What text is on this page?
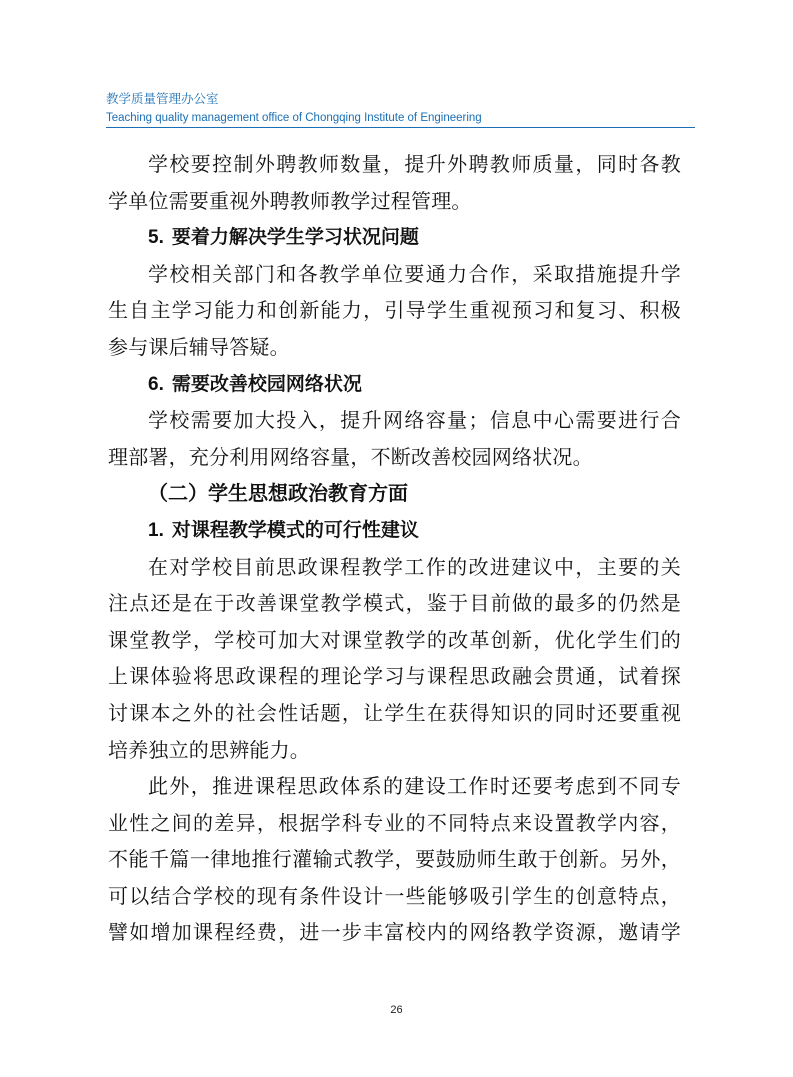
教学质量管理办公室
Teaching quality management office of Chongqing Institute of Engineering
学校要控制外聘教师数量，提升外聘教师质量，同时各教
学单位需要重视外聘教师教学过程管理。
5. 要着力解决学生学习状况问题
学校相关部门和各教学单位要通力合作，采取措施提升学
生自主学习能力和创新能力，引导学生重视预习和复习、积极
参与课后辅导答疑。
6. 需要改善校园网络状况
学校需要加大投入，提升网络容量；信息中心需要进行合
理部署，充分利用网络容量，不断改善校园网络状况。
（二）学生思想政治教育方面
1. 对课程教学模式的可行性建议
在对学校目前思政课程教学工作的改进建议中，主要的关
注点还是在于改善课堂教学模式，鉴于目前做的最多的仍然是
课堂教学，学校可加大对课堂教学的改革创新，优化学生们的
上课体验将思政课程的理论学习与课程思政融会贯通，试着探
讨课本之外的社会性话题，让学生在获得知识的同时还要重视
培养独立的思辨能力。
此外，推进课程思政体系的建设工作时还要考虑到不同专
业性之间的差异，根据学科专业的不同特点来设置教学内容，
不能千篇一律地推行灌输式教学，要鼓励师生敢于创新。另外，
可以结合学校的现有条件设计一些能够吸引学生的创意特点，
譬如增加课程经费，进一步丰富校内的网络教学资源，邀请学
26
